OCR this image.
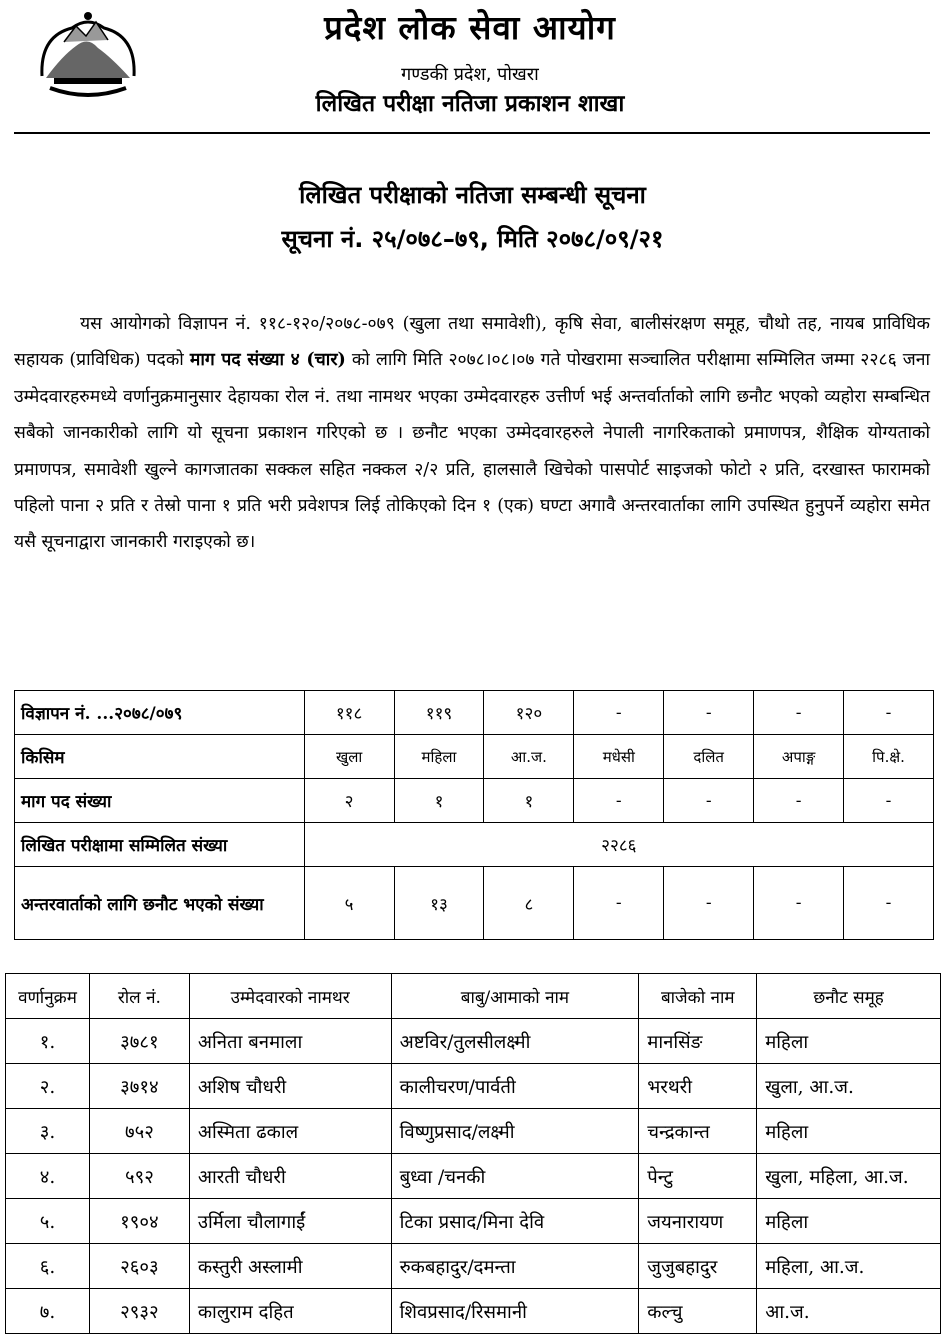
प्रदेश लोक सेवा आयोग
गण्डकी प्रदेश, पोखरा
लिखित परीक्षा नतिजा प्रकाशन शाखा
लिखित परीक्षाको नतिजा सम्बन्धी सूचना
सूचना नं. २५/०७८–७९, मिति २०७८/०९/२१

यस आयोगको विज्ञापन नं. ११८-१२०/२०७८-०७९ (खुला तथा समावेशी), कृषि सेवा, बालीसंरक्षण समूह, चौथो तह, नायब प्राविधिक सहायक (प्राविधिक) पदको माग पद संख्या ४ (चार) को लागि मिति २०७८।०८।०७ गते पोखरामा सञ्चालित परीक्षामा सम्मिलित जम्मा २२८६ जना उम्मेदवारहरुमध्ये वर्णानुक्रमानुसार देहायका रोल नं. तथा नामथर भएका उम्मेदवारहरु उत्तीर्ण भई अन्तर्वार्ताको लागि छनौट भएको व्यहोरा सम्बन्धित सबैको जानकारीको लागि यो सूचना प्रकाशन गरिएको छ । छनौट भएका उम्मेदवारहरुले नेपाली नागरिकताको प्रमाणपत्र, शैक्षिक योग्यताको प्रमाणपत्र, समावेशी खुल्ने कागजातका सक्कल सहित नक्कल २/२ प्रति, हालसालै खिचेको पासपोर्ट साइजको फोटो २ प्रति, दरखास्त फारामको पहिलो पाना २ प्रति र तेस्रो पाना १ प्रति भरी प्रवेशपत्र लिई तोकिएको दिन १ (एक) घण्टा अगावै अन्तरवार्ताका लागि उपस्थित हुनुपर्ने व्यहोरा समेत यसै सूचनाद्वारा जानकारी गराइएको छ।

विज्ञापन नं. ...२०७८/०७९	११८	११९	१२०	-	-	-	-
किसिम	खुला	महिला	आ.ज.	मधेसी	दलित	अपाङ्ग	पि.क्षे.
माग पद संख्या	२	१	१	-	-	-	-
लिखित परीक्षामा सम्मिलित संख्या	२२८६						
अन्तरवार्ताको लागि छनौट भएको संख्या	५	१३	८	-	-	-	-
वर्णानुक्रम	रोल नं.	उम्मेदवारको नामथर	बाबु/आमाको नाम	बाजेको नाम	छनौट समूह
१.	३७८१	अनिता बनमाला	अष्टविर/तुलसीलक्ष्मी	मानसिंङ	महिला
२.	३७१४	अशिष चौधरी	कालीचरण/पार्वती	भरथरी	खुला, आ.ज.
३.	७५२	अस्मिता ढकाल	विष्णुप्रसाद/लक्ष्मी	चन्द्रकान्त	महिला
४.	५९२	आरती चौधरी	बुध्वा /चनकी	पेन्टु	खुला, महिला, आ.ज.
५.	१९०४	उर्मिला चौलागाईं	टिका प्रसाद/मिना देवि	जयनारायण	महिला
६.	२६०३	कस्तुरी अस्लामी	रुकबहादुर/दमन्ता	जुजुबहादुर	महिला, आ.ज.
७.	२९३२	कालुराम दहित	शिवप्रसाद/रिसमानी	कल्चु	आ.ज.
